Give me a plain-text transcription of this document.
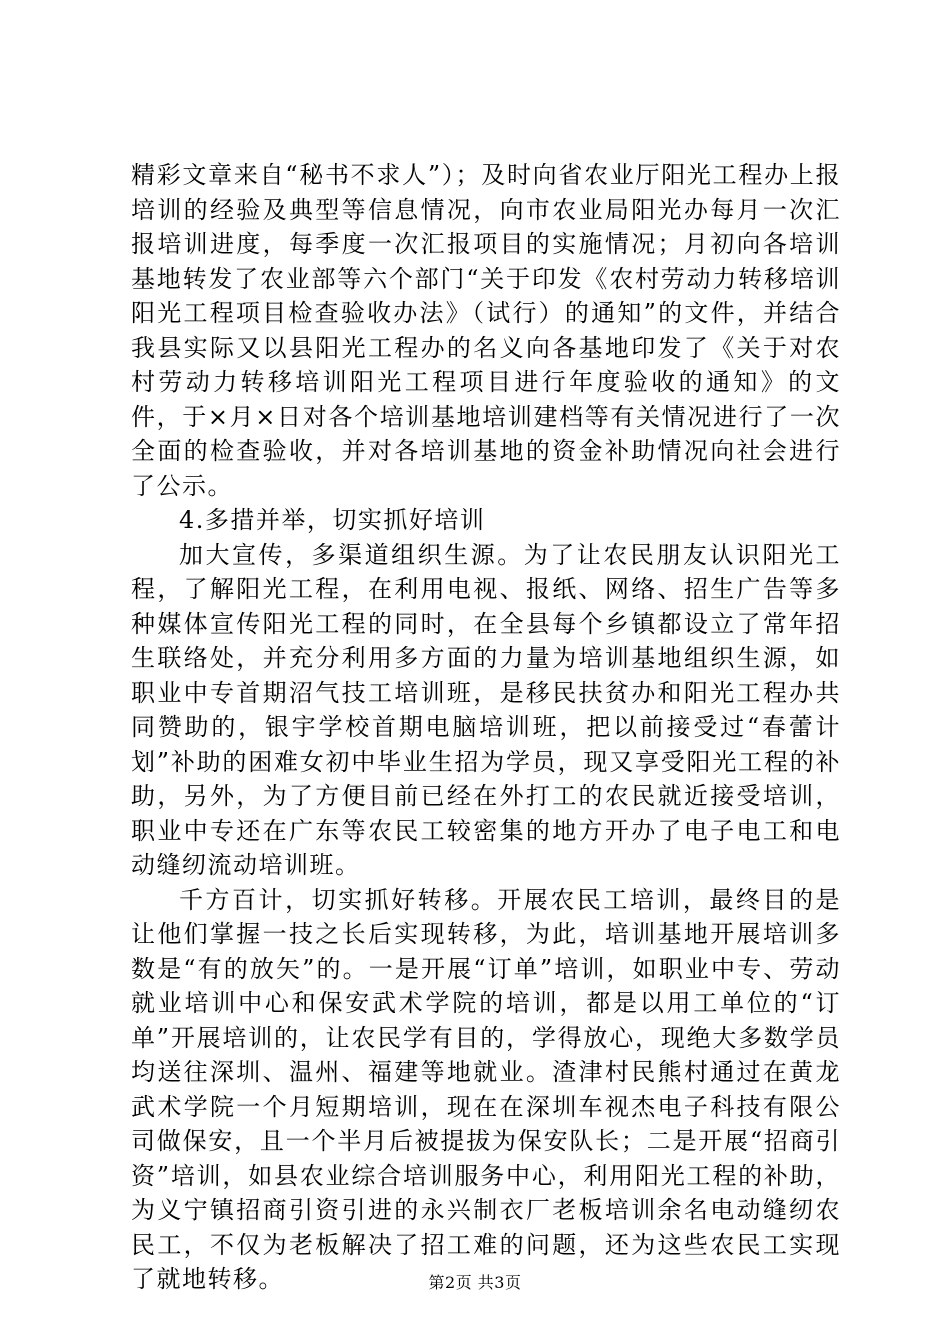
精彩文章来自“秘书不求人”）；及时向省农业厅阳光工程办上报培训的经验及典型等信息情况，向市农业局阳光办每月一次汇报培训进度，每季度一次汇报项目的实施情况；月初向各培训基地转发了农业部等六个部门“关于印发《农村劳动力转移培训阳光工程项目检查验收办法》（试行）的通知”的文件，并结合我县实际又以县阳光工程办的名义向各基地印发了《关于对农村劳动力转移培训阳光工程项目进行年度验收的通知》的文件，于×月×日对各个培训基地培训建档等有关情况进行了一次全面的检查验收，并对各培训基地的资金补助情况向社会进行了公示。

4.多措并举，切实抓好培训

加大宣传，多渠道组织生源。为了让农民朋友认识阳光工程，了解阳光工程，在利用电视、报纸、网络、招生广告等多种媒体宣传阳光工程的同时，在全县每个乡镇都设立了常年招生联络处，并充分利用多方面的力量为培训基地组织生源，如职业中专首期沼气技工培训班，是移民扶贫办和阳光工程办共同赞助的，银宇学校首期电脑培训班，把以前接受过“春蕾计划”补助的困难女初中毕业生招为学员，现又享受阳光工程的补助，另外，为了方便目前已经在外打工的农民就近接受培训，职业中专还在广东等农民工较密集的地方开办了电子电工和电动缝纫流动培训班。

千方百计，切实抓好转移。开展农民工培训，最终目的是让他们掌握一技之长后实现转移，为此，培训基地开展培训多数是“有的放矢”的。一是开展“订单”培训，如职业中专、劳动就业培训中心和保安武术学院的培训，都是以用工单位的“订单”开展培训的，让农民学有目的，学得放心，现绝大多数学员均送往深圳、温州、福建等地就业。渣津村民熊村通过在黄龙武术学院一个月短期培训，现在在深圳车视杰电子科技有限公司做保安，且一个半月后被提拔为保安队长；二是开展“招商引资”培训，如县农业综合培训服务中心，利用阳光工程的补助，为义宁镇招商引资引进的永兴制衣厂老板培训余名电动缝纫农民工，不仅为老板解决了招工难的问题，还为这些农民工实现了就地转移。	第2页 共3页
